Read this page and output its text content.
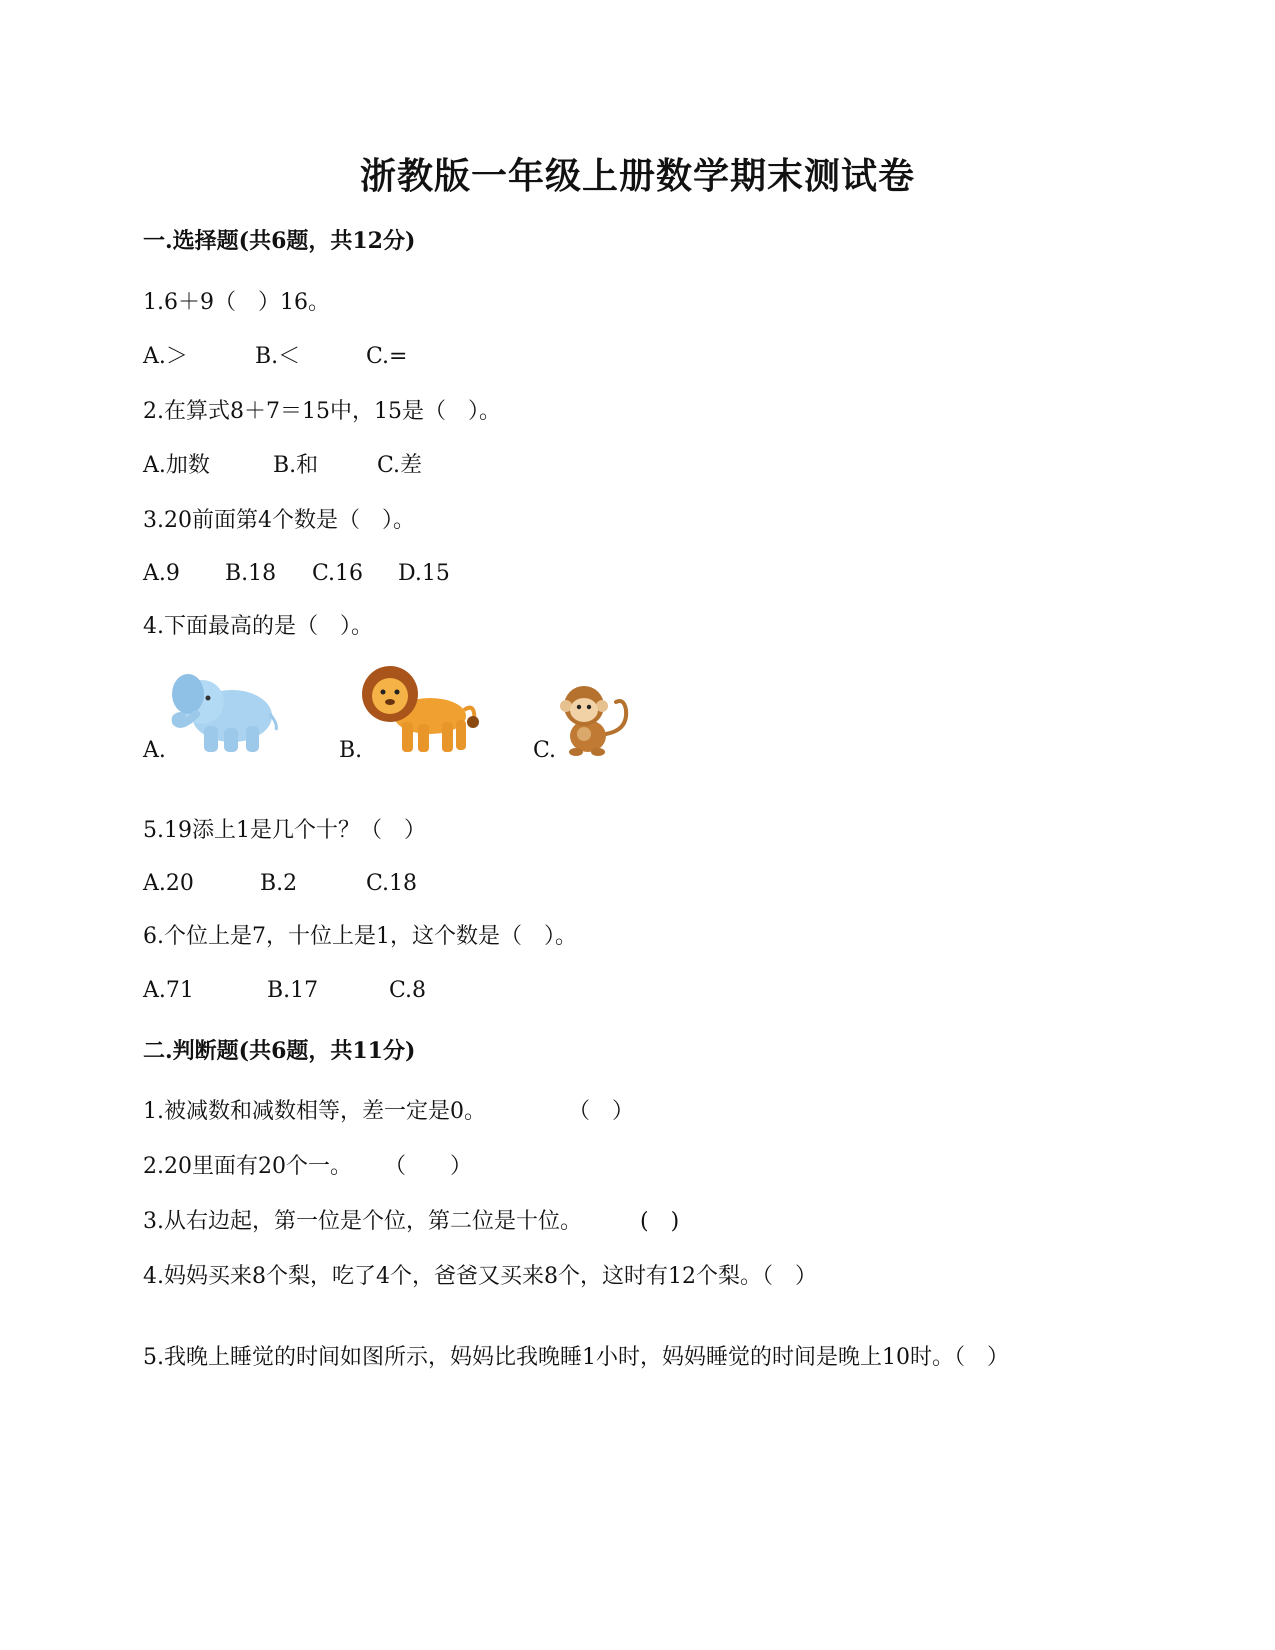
浙教版一年级上册数学期末测试卷
一.选择题(共6题，共12分)
1.6＋9（　）16。
A.＞	B.＜	C.=
2.在算式8＋7＝15中，15是（　）。
A.加数	B.和	C.差
3.20前面第4个数是（　）。
A.9 B.18 C.16 D.15
4.下面最高的是（　）。
A.	B.	C.
5.19添上1是几个十？（　）
A.20	B.2	C.18
6.个位上是7，十位上是1，这个数是（　）。
A.71	B.17	C.8
二.判断题(共6题，共11分)
1.被减数和减数相等，差一定是0。	（　）
2.20里面有20个一。 （　　）
3.从右边起，第一位是个位，第二位是十位。	(　)
4.妈妈买来8个梨，吃了4个，爸爸又买来8个，这时有12个梨。（　）
5.我晚上睡觉的时间如图所示，妈妈比我晚睡1小时，妈妈睡觉的时间是晚上10时。（　）
